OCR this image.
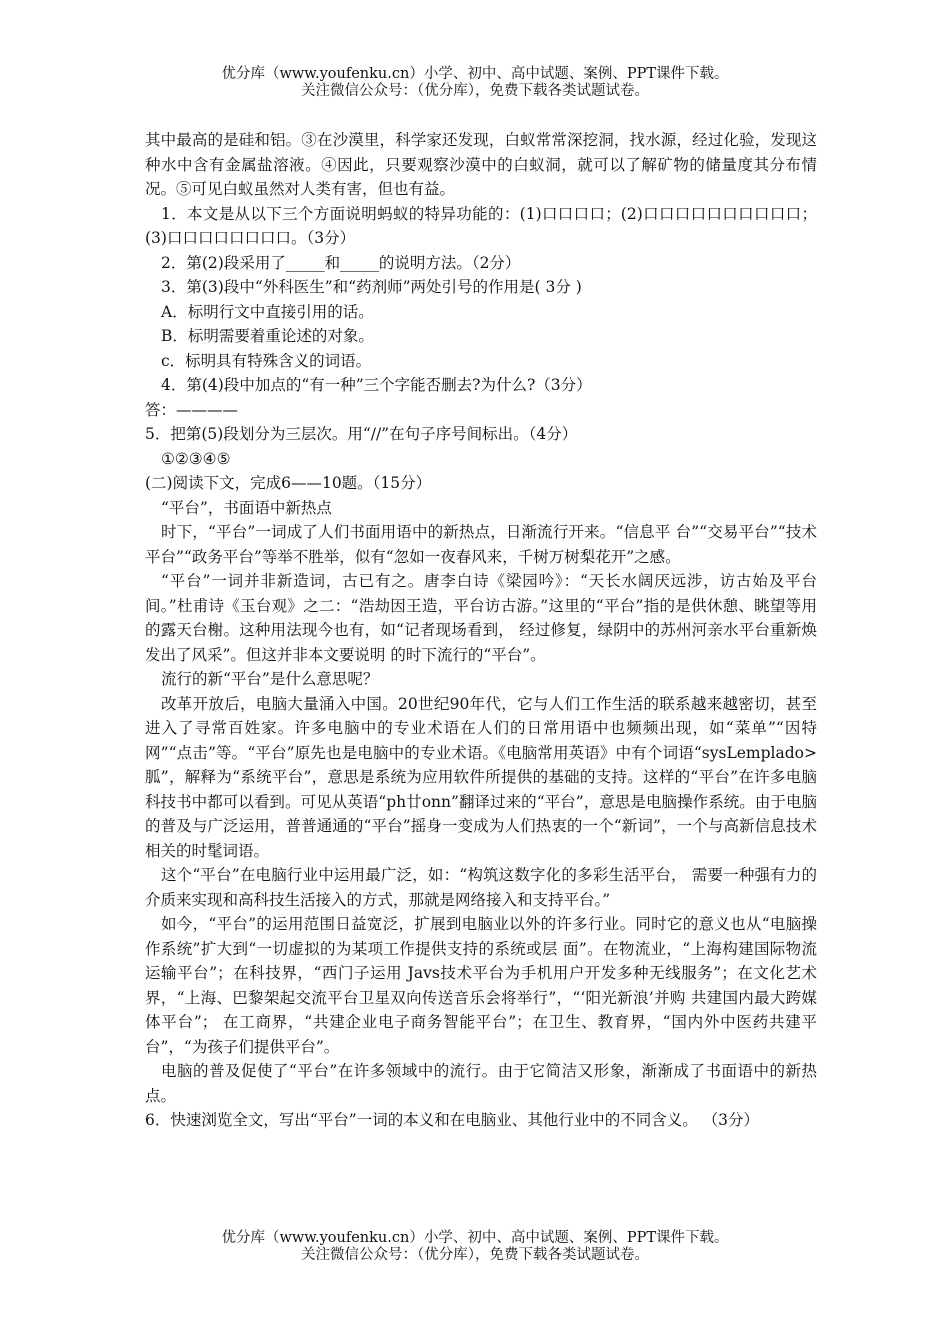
优分库（www.youfenku.cn）小学、初中、高中试题、案例、PPT课件下载。
关注微信公众号：（优分库），免费下载各类试题试卷。

其中最高的是硅和铝。③在沙漠里，科学家还发现，白蚁常常深挖洞，找水源，经过化验，发现这种水中含有金属盐溶液。④因此，只要观察沙漠中的白蚁洞，就可以了解矿物的储量度其分布情况。⑤可见白蚁虽然对人类有害，但也有益。

1．本文是从以下三个方面说明蚂蚁的特异功能的：(1)口口口口；(2)口口口口口口口口口口；(3)口口口口口口口口。（3分）

2．第(2)段采用了_____和_____的说明方法。（2分）

3．第(3)段中“外科医生”和“药剂师”两处引号的作用是( 3分 )

A．标明行文中直接引用的话。

B．标明需要着重论述的对象。

c．标明具有特殊含义的词语。

4．第(4)段中加点的“有一种”三个字能否删去?为什么?（3分）

答：————

5．把第(5)段划分为三层次。用“//”在句子序号间标出。（4分）

①②③④⑤

(二)阅读下文，完成6——10题。（15分）

“平台”，书面语中新热点

时下，“平台”一词成了人们书面用语中的新热点，日渐流行开来。“信息平 台”“交易平台”“技术平台”“政务平台”等举不胜举，似有“忽如一夜春风来，千树万树梨花开”之感。

“平台”一词并非新造词，古已有之。唐李白诗《梁园吟》：“天长水阔厌远涉，访古始及平台间。”杜甫诗《玉台观》之二：“浩劫因王造，平台访古游。”这里的“平台”指的是供休憩、眺望等用的露天台榭。这种用法现今也有，如“记者现场看到， 经过修复，绿阴中的苏州河亲水平台重新焕发出了风采”。但这并非本文要说明 的时下流行的“平台”。

流行的新“平台”是什么意思呢？

改革开放后，电脑大量涌入中国。20世纪90年代，它与人们工作生活的联系越来越密切，甚至进入了寻常百姓家。许多电脑中的专业术语在人们的日常用语中也频频出现，如“菜单”“因特网”“点击”等。“平台”原先也是电脑中的专业术语。《电脑常用英语》中有个词语“sysLemplado>胍”，解释为“系统平台”，意思是系统为应用软件所提供的基础的支持。这样的“平台”在许多电脑科技书中都可以看到。可见从英语“ph廿onn”翻译过来的“平台”，意思是电脑操作系统。由于电脑的普及与广泛运用，普普通通的“平台”摇身一变成为人们热衷的一个“新词”，一个与高新信息技术相关的时髦词语。

这个“平台”在电脑行业中运用最广泛，如：“构筑这数字化的多彩生活平台， 需要一种强有力的介质来实现和高科技生活接入的方式，那就是网络接入和支持平台。”

如今，“平台”的运用范围日益宽泛，扩展到电脑业以外的许多行业。同时它的意义也从“电脑操作系统”扩大到“一切虚拟的为某项工作提供支持的系统或层 面”。在物流业，“上海构建国际物流运输平台”；在科技界，“西门子运用 Javs技术平台为手机用户开发多种无线服务”；在文化艺术界，“上海、巴黎架起交流平台卫星双向传送音乐会将举行”，“‘阳光新浪’并购 共建国内最大跨媒体平台”； 在工商界，“共建企业电子商务智能平台”；在卫生、教育界，“国内外中医药共建平 台”，“为孩子们提供平台”。

电脑的普及促使了“平台”在许多领域中的流行。由于它简洁又形象，渐渐成了书面语中的新热点。

6．快速浏览全文，写出“平台”一词的本义和在电脑业、其他行业中的不同含义。 （3分）

优分库（www.youfenku.cn）小学、初中、高中试题、案例、PPT课件下载。
关注微信公众号：（优分库），免费下载各类试题试卷。
